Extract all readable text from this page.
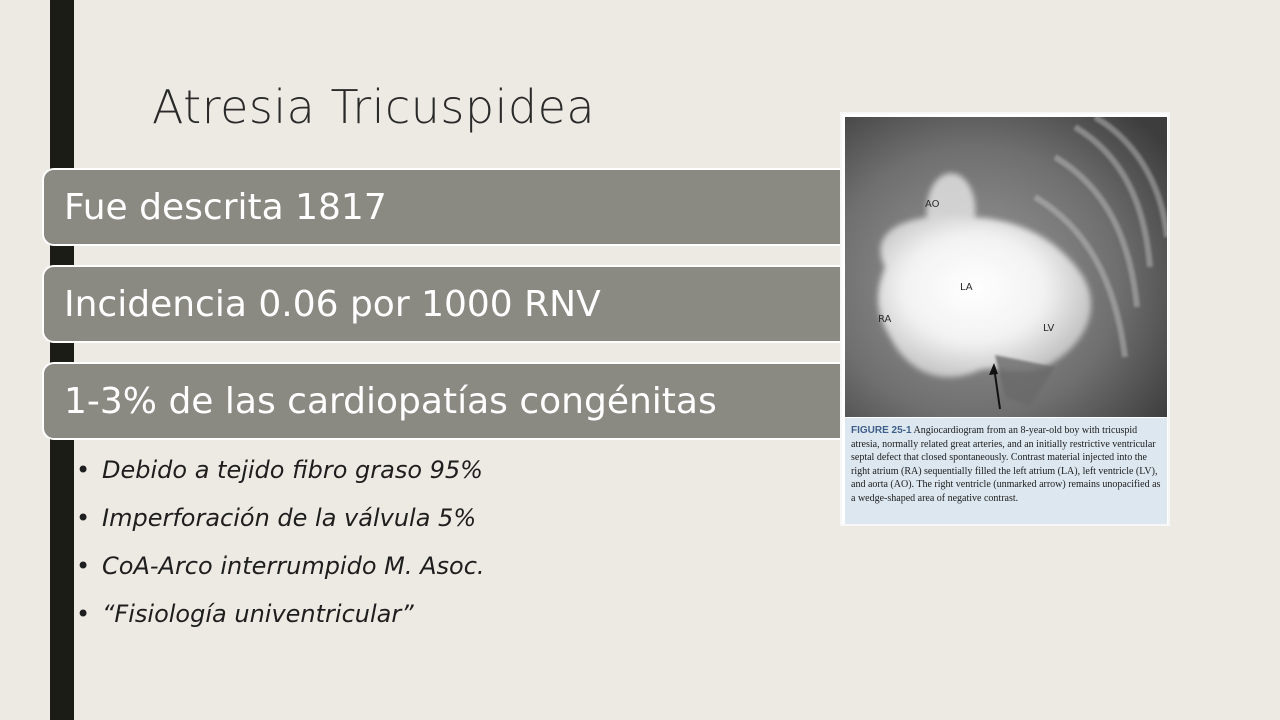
Atresia Tricuspidea
Fue descrita 1817
Incidencia 0.06 por 1000 RNV
1-3% de las cardiopatías congénitas
• Debido a tejido fibro graso 95%
• Imperforación de la válvula 5%
• CoA-Arco interrumpido M. Asoc.
• “Fisiología univentricular”
AO
LA
RA
LV
FIGURE 25-1 Angiocardiogram from an 8-year-old boy with tricuspid atresia, normally related great arteries, and an initially restrictive ventricular septal defect that closed spontaneously. Contrast material injected into the right atrium (RA) sequentially filled the left atrium (LA), left ventricle (LV), and aorta (AO). The right ventricle (unmarked arrow) remains unopacified as a wedge-shaped area of negative contrast.
